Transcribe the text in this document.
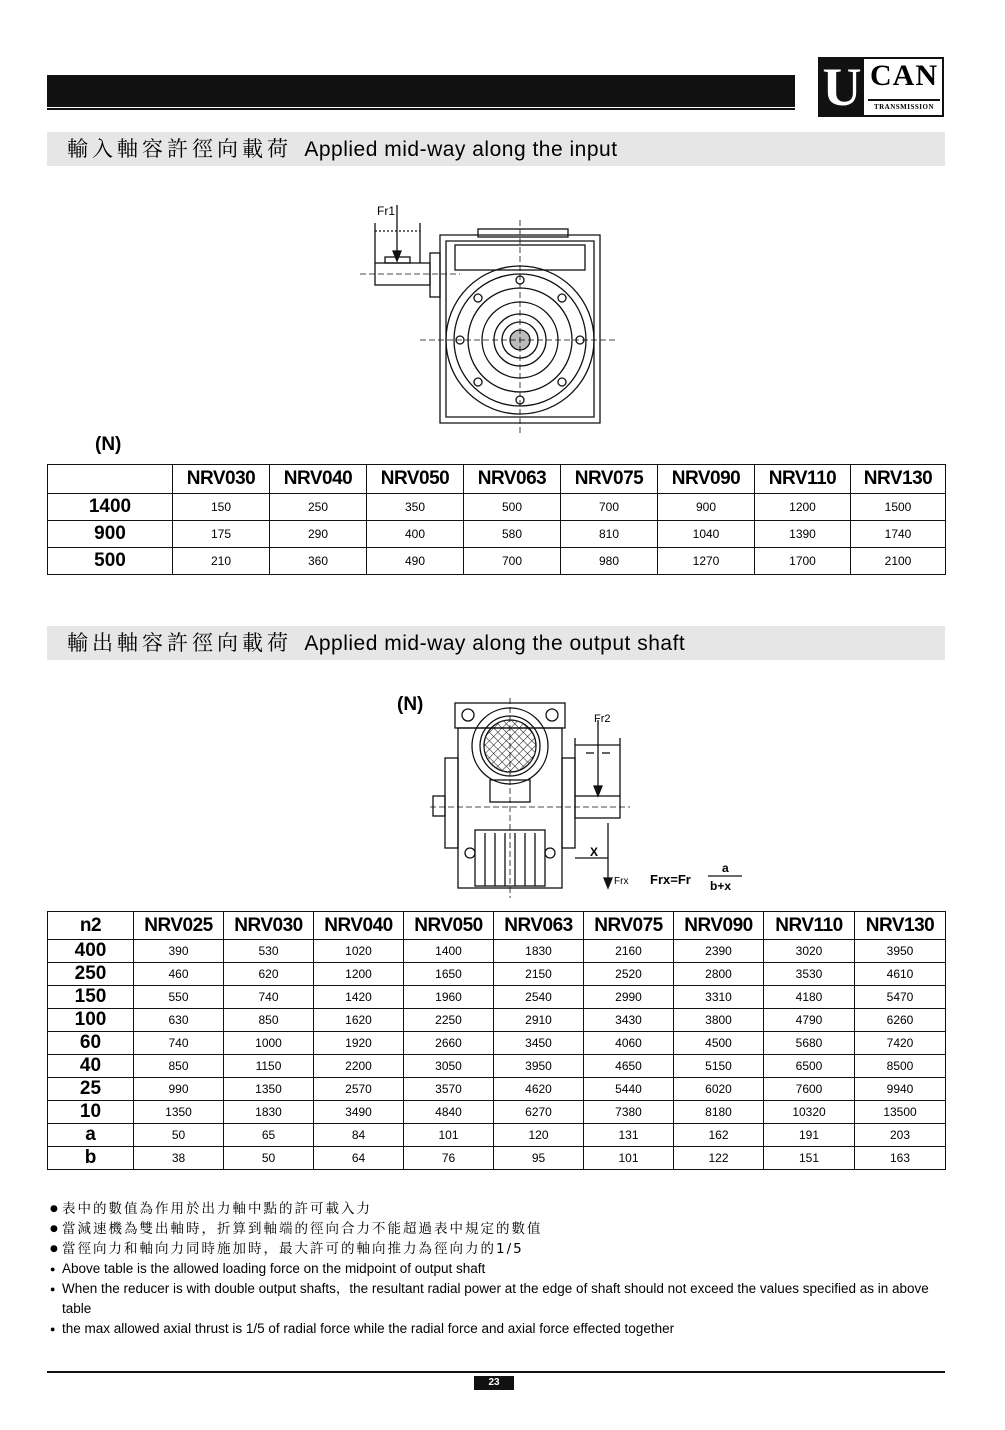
U CAN
TRANSMISSION
輸入軸容許徑向載荷 Applied mid-way along the input
Fr1
(N)
	NRV030	NRV040	NRV050	NRV063	NRV075	NRV090	NRV110	NRV130
1400	150	250	350	500	700	900	1200	1500
900	175	290	400	580	810	1040	1390	1740
500	210	360	490	700	980	1270	1700	2100
輸出軸容許徑向載荷 Applied mid-way along the output shaft
(N)
Fr2
X
Frx Frx=Fr
a
b+x
n2	NRV025	NRV030	NRV040	NRV050	NRV063	NRV075	NRV090	NRV110	NRV130
400	390	530	1020	1400	1830	2160	2390	3020	3950
250	460	620	1200	1650	2150	2520	2800	3530	4610
150	550	740	1420	1960	2540	2990	3310	4180	5470
100	630	850	1620	2250	2910	3430	3800	4790	6260
60	740	1000	1920	2660	3450	4060	4500	5680	7420
40	850	1150	2200	3050	3950	4650	5150	6500	8500
25	990	1350	2570	3570	4620	5440	6020	7600	9940
10	1350	1830	3490	4840	6270	7380	8180	10320	13500
a	50	65	84	101	120	131	162	191	203
b	38	50	64	76	95	101	122	151	163
● 表中的數值為作用於出力軸中點的許可載入力
● 當減速機為雙出軸時，折算到軸端的徑向合力不能超過表中規定的數值
● 當徑向力和軸向力同時施加時，最大許可的軸向推力為徑向力的1/5
● Above table is the allowed loading force on the midpoint of output shaft
● When the reducer is with double output shafts，the resultant radial power at the edge of shaft should not exceed the values specified as in above table
● the max allowed axial thrust is 1/5 of radial force while the radial force and axial force effected together
23
